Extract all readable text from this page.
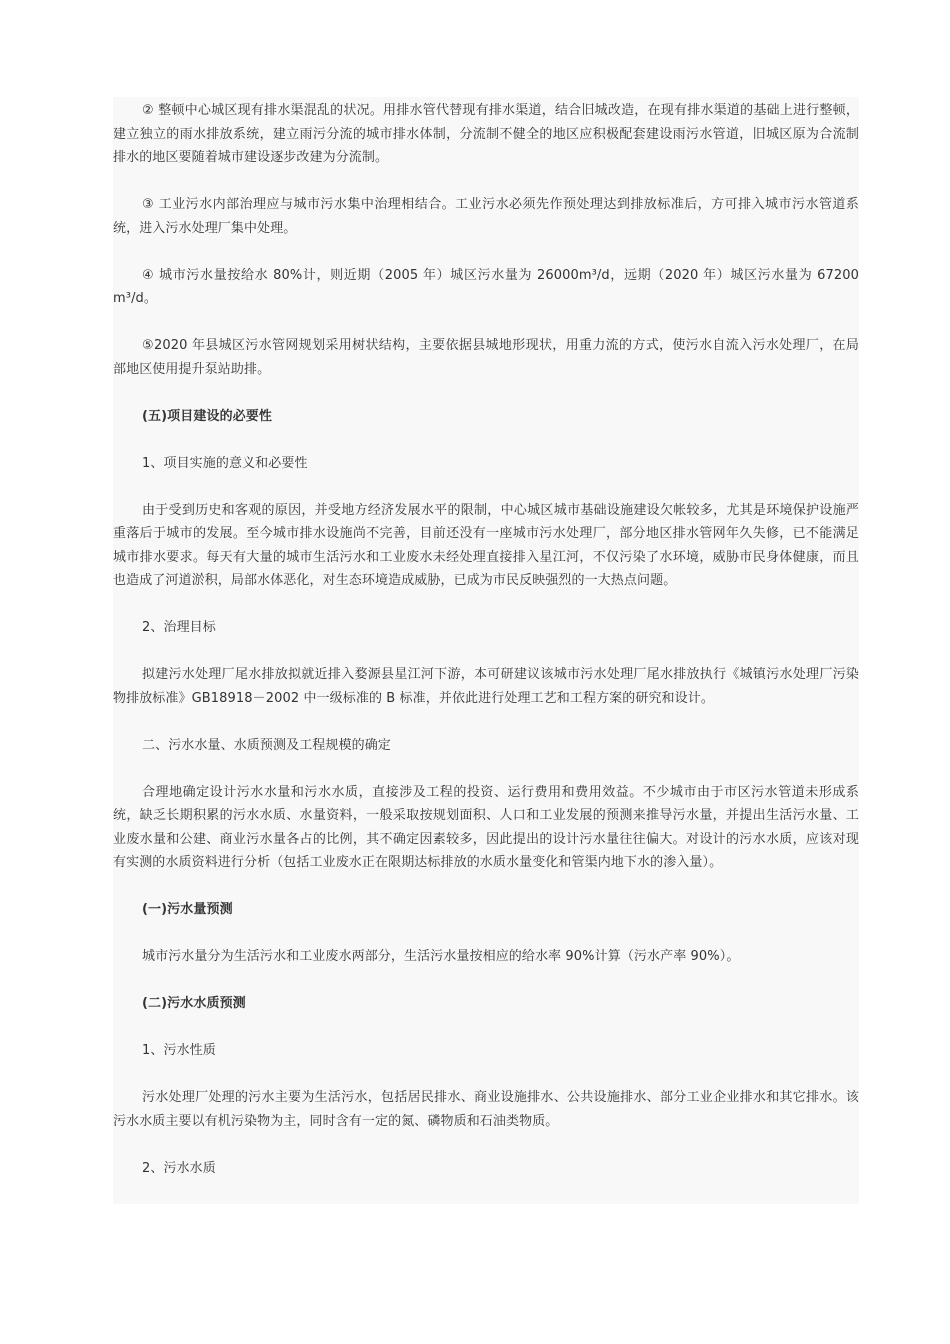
② 整顿中心城区现有排水渠混乱的状况。用排水管代替现有排水渠道，结合旧城改造，在现有排水渠道的基础上进行整顿，建立独立的雨水排放系统，建立雨污分流的城市排水体制，分流制不健全的地区应积极配套建设雨污水管道，旧城区原为合流制排水的地区要随着城市建设逐步改建为分流制。

③ 工业污水内部治理应与城市污水集中治理相结合。工业污水必须先作预处理达到排放标准后，方可排入城市污水管道系统，进入污水处理厂集中处理。

④ 城市污水量按给水 80%计，则近期（2005 年）城区污水量为 26000m³/d，远期（2020 年）城区污水量为 67200 m³/d。

⑤2020 年县城区污水管网规划采用树状结构，主要依据县城地形现状，用重力流的方式，使污水自流入污水处理厂，在局部地区使用提升泵站助排。

(五)项目建设的必要性

1、项目实施的意义和必要性

由于受到历史和客观的原因，并受地方经济发展水平的限制，中心城区城市基础设施建设欠帐较多，尤其是环境保护设施严重落后于城市的发展。至今城市排水设施尚不完善，目前还没有一座城市污水处理厂，部分地区排水管网年久失修，已不能满足城市排水要求。每天有大量的城市生活污水和工业废水未经处理直接排入星江河，不仅污染了水环境，威胁市民身体健康，而且也造成了河道淤积，局部水体恶化，对生态环境造成威胁，已成为市民反映强烈的一大热点问题。

2、治理目标

拟建污水处理厂尾水排放拟就近排入婺源县星江河下游，本可研建议该城市污水处理厂尾水排放执行《城镇污水处理厂污染物排放标准》GB18918－2002 中一级标准的 B 标准，并依此进行处理工艺和工程方案的研究和设计。

二、污水水量、水质预测及工程规模的确定

合理地确定设计污水水量和污水水质，直接涉及工程的投资、运行费用和费用效益。不少城市由于市区污水管道未形成系统，缺乏长期积累的污水水质、水量资料，一般采取按规划面积、人口和工业发展的预测来推导污水量，并提出生活污水量、工业废水量和公建、商业污水量各占的比例，其不确定因素较多，因此提出的设计污水量往往偏大。对设计的污水水质，应该对现有实测的水质资料进行分析（包括工业废水正在限期达标排放的水质水量变化和管渠内地下水的渗入量）。

(一)污水量预测

城市污水量分为生活污水和工业废水两部分，生活污水量按相应的给水率 90%计算（污水产率 90%）。

(二)污水水质预测

1、污水性质

污水处理厂处理的污水主要为生活污水，包括居民排水、商业设施排水、公共设施排水、部分工业企业排水和其它排水。该污水水质主要以有机污染物为主，同时含有一定的氮、磷物质和石油类物质。

2、污水水质
